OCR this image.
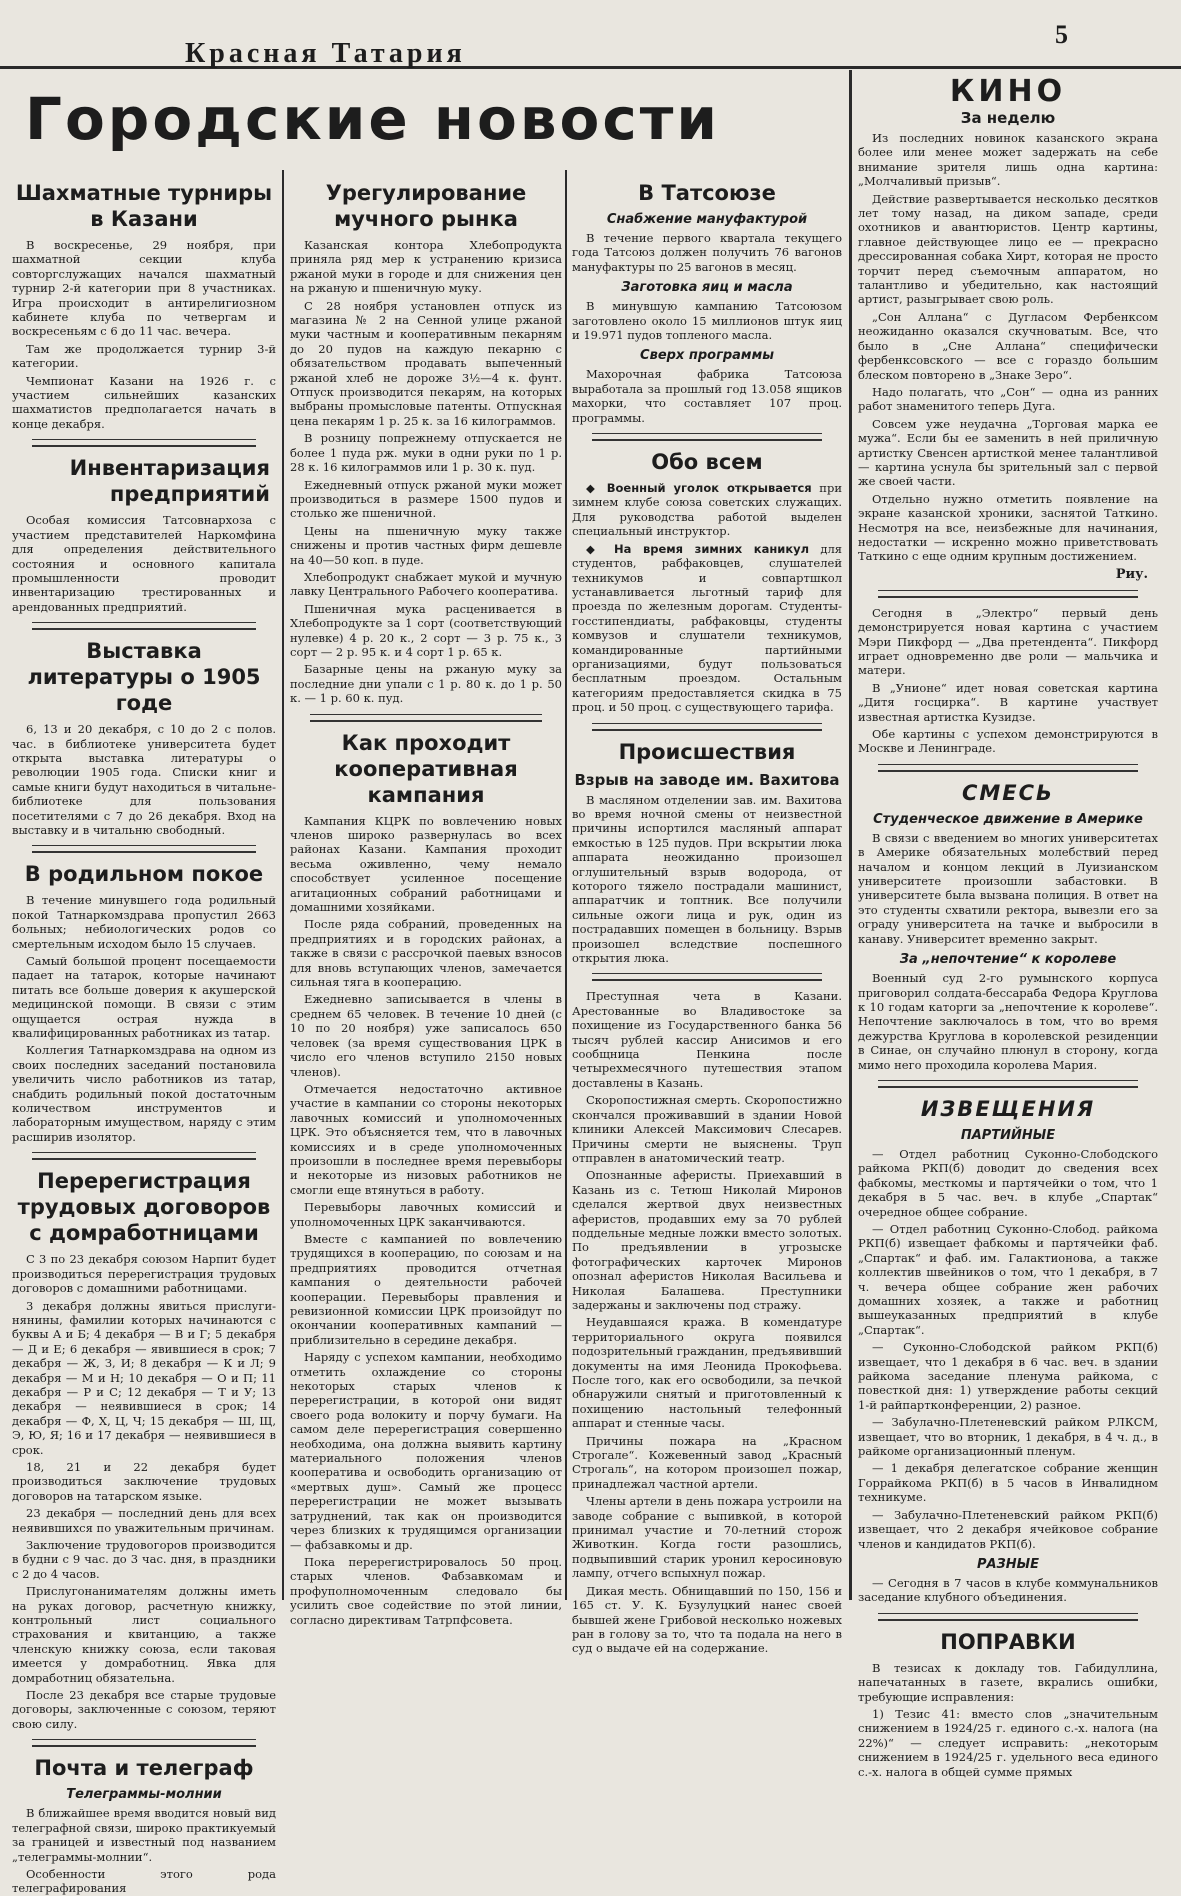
Красная Татария
5
Городские новости
Шахматные турниры в Казани

В воскресенье, 29 ноября, при шахматной секции клуба совторгслужащих начался шахматный турнир 2-й категории при 8 участниках. Игра происходит в антирелигиозном кабинете клуба по четвергам и воскресеньям с 6 до 11 час. вечера.

Там же продолжается турнир 3-й категории.

Чемпионат Казани на 1926 г. с участием сильнейших казанских шахматистов предполагается начать в конце декабря.

Инвентаризация предприятий

Особая комиссия Татсовнархоза с участием представителей Наркомфина для определения действительного состояния и основного капитала промышленности проводит инвентаризацию трестированных и арендованных предприятий.

Выставка литературы о 1905 годе

6, 13 и 20 декабря, с 10 до 2 с полов. час. в библиотеке университета будет открыта выставка литературы о революции 1905 года. Списки книг и самые книги будут находиться в читальне-библиотеке для пользования посетителями с 7 до 26 декабря. Вход на выставку и в читальню свободный.

В родильном покое

В течение минувшего года родильный покой Татнаркомздрава пропустил 2663 больных; небиологических родов со смертельным исходом было 15 случаев.

Самый большой процент посещаемости падает на татарок, которые начинают питать все больше доверия к акушерской медицинской помощи. В связи с этим ощущается острая нужда в квалифицированных работниках из татар.

Коллегия Татнаркомздрава на одном из своих последних заседаний постановила увеличить число работников из татар, снабдить родильный покой достаточным количеством инструментов и лабораторным имуществом, наряду с этим расширив изолятор.

Перерегистрация трудовых договоров с домработницами

С 3 по 23 декабря союзом Нарпит будет производиться перерегистрация трудовых договоров с домашними работницами.

3 декабря должны явиться прислуги-нянины, фамилии которых начинаются с буквы А и Б; 4 декабря — В и Г; 5 декабря — Д и Е; 6 декабря — явившиеся в срок; 7 декабря — Ж, З, И; 8 декабря — К и Л; 9 декабря — М и Н; 10 декабря — О и П; 11 декабря — Р и С; 12 декабря — Т и У; 13 декабря — неявившиеся в срок; 14 декабря — Ф, Х, Ц, Ч; 15 декабря — Ш, Щ, Э, Ю, Я; 16 и 17 декабря — неявившиеся в срок.

18, 21 и 22 декабря будет производиться заключение трудовых договоров на татарском языке.

23 декабря — последний день для всех неявившихся по уважительным причинам.

Заключение трудовогоров производится в будни с 9 час. до 3 час. дня, в праздники с 2 до 4 часов.

Прислугонанимателям должны иметь на руках договор, расчетную книжку, контрольный лист социального страхования и квитанцию, а также членскую книжку союза, если таковая имеется у домработниц. Явка для домработниц обязательна.

После 23 декабря все старые трудовые договоры, заключенные с союзом, теряют свою силу.

Почта и телеграф
Телеграммы-молнии

В ближайшее время вводится новый вид телеграфной связи, широко практикуемый за границей и известный под названием „телеграммы-молнии“.

Особенности этого рода телеграфирования

Урегулирование мучного рынка

Казанская контора Хлебопродукта приняла ряд мер к устранению кризиса ржаной муки в городе и для снижения цен на ржаную и пшеничную муку.

С 28 ноября установлен отпуск из магазина № 2 на Сенной улице ржаной муки частным и кооперативным пекарням до 20 пудов на каждую пекарню с обязательством продавать выпеченный ржаной хлеб не дороже 3½—4 к. фунт. Отпуск производится пекарям, на которых выбраны промысловые патенты. Отпускная цена пекарям 1 р. 25 к. за 16 килограммов.

В розницу попрежнему отпускается не более 1 пуда рж. муки в одни руки по 1 р. 28 к. 16 килограммов или 1 р. 30 к. пуд.

Ежедневный отпуск ржаной муки может производиться в размере 1500 пудов и столько же пшеничной.

Цены на пшеничную муку также снижены и против частных фирм дешевле на 40—50 коп. в пуде.

Хлебопродукт снабжает мукой и мучную лавку Центрального Рабочего кооператива.

Пшеничная мука расценивается в Хлебопродукте за 1 сорт (соответствующий нулевке) 4 р. 20 к., 2 сорт — 3 р. 75 к., 3 сорт — 2 р. 95 к. и 4 сорт 1 р. 65 к.

Базарные цены на ржаную муку за последние дни упали с 1 р. 80 к. до 1 р. 50 к. — 1 р. 60 к. пуд.

Как проходит кооперативная кампания

Кампания КЦРК по вовлечению новых членов широко развернулась во всех районах Казани. Кампания проходит весьма оживленно, чему немало способствует усиленное посещение агитационных собраний работницами и домашними хозяйками.

После ряда собраний, проведенных на предприятиях и в городских районах, а также в связи с рассрочкой паевых взносов для вновь вступающих членов, замечается сильная тяга в кооперацию.

Ежедневно записывается в члены в среднем 65 человек. В течение 10 дней (с 10 по 20 ноября) уже записалось 650 человек (за время существования ЦРК в число его членов вступило 2150 новых членов).

Отмечается недостаточно активное участие в кампании со стороны некоторых лавочных комиссий и уполномоченных ЦРК. Это объясняется тем, что в лавочных комиссиях и в среде уполномоченных произошли в последнее время перевыборы и некоторые из низовых работников не смогли еще втянуться в работу.

Перевыборы лавочных комиссий и уполномоченных ЦРК заканчиваются.

Вместе с кампанией по вовлечению трудящихся в кооперацию, по союзам и на предприятиях проводится отчетная кампания о деятельности рабочей кооперации. Перевыборы правления и ревизионной комиссии ЦРК произойдут по окончании кооперативных кампаний — приблизительно в середине декабря.

Наряду с успехом кампании, необходимо отметить охлаждение со стороны некоторых старых членов к перерегистрации, в которой они видят своего рода волокиту и порчу бумаги. На самом деле перерегистрация совершенно необходима, она должна выявить картину материального положения членов кооператива и освободить организацию от «мертвых душ». Самый же процесс перерегистрации не может вызывать затруднений, так как он производится через близких к трудящимся организации — фабзавкомы и др.

Пока перерегистрировалось 50 проц. старых членов. Фабзавкомам и профуполномоченным следовало бы усилить свое содействие по этой линии, согласно директивам Татрпфсовета.

В Татсоюзе
Снабжение мануфактурой

В течение первого квартала текущего года Татсоюз должен получить 76 вагонов мануфактуры по 25 вагонов в месяц.

Заготовка яиц и масла

В минувшую кампанию Татсоюзом заготовлено около 15 миллионов штук яиц и 19.971 пудов топленого масла.

Сверх программы

Махорочная фабрика Татсоюза выработала за прошлый год 13.058 ящиков махорки, что составляет 107 проц. программы.

Обо всем

◆ Военный уголок открывается при зимнем клубе союза советских служащих. Для руководства работой выделен специальный инструктор.

◆ На время зимних каникул для студентов, рабфаковцев, слушателей техникумов и совпартшкол устанавливается льготный тариф для проезда по железным дорогам. Студенты-госстипендиаты, рабфаковцы, студенты комвузов и слушатели техникумов, командированные партийными организациями, будут пользоваться бесплатным проездом. Остальным категориям предоставляется скидка в 75 проц. и 50 проц. с существующего тарифа.

Происшествия
Взрыв на заводе им. Вахитова

В масляном отделении зав. им. Вахитова во время ночной смены от неизвестной причины испортился масляный аппарат емкостью в 125 пудов. При вскрытии люка аппарата неожиданно произошел оглушительный взрыв водорода, от которого тяжело пострадали машинист, аппаратчик и топтник. Все получили сильные ожоги лица и рук, один из пострадавших помещен в больницу. Взрыв произошел вследствие поспешного открытия люка.

Преступная чета в Казани. Арестованные во Владивостоке за похищение из Государственного банка 56 тысяч рублей кассир Анисимов и его сообщница Пенкина после четырехмесячного путешествия этапом доставлены в Казань.

Скоропостижная смерть. Скоропостижно скончался проживавший в здании Новой клиники Алексей Максимович Слесарев. Причины смерти не выяснены. Труп отправлен в анатомический театр.

Опознанные аферисты. Приехавший в Казань из с. Тетюш Николай Миронов сделался жертвой двух неизвестных аферистов, продавших ему за 70 рублей поддельные медные ложки вместо золотых. По предъявлении в угрозыске фотографических карточек Миронов опознал аферистов Николая Васильева и Николая Балашева. Преступники задержаны и заключены под стражу.

Неудавшаяся кража. В комендатуре территориального округа появился подозрительный гражданин, предъявивший документы на имя Леонида Прокофьева. После того, как его освободили, за печкой обнаружили снятый и приготовленный к похищению настольный телефонный аппарат и стенные часы.

Причины пожара на „Красном Строгале“. Кожевенный завод „Красный Строгаль“, на котором произошел пожар, принадлежал частной артели.

Члены артели в день пожара устроили на заводе собрание с выпивкой, в которой принимал участие и 70-летний сторож Животкин. Когда гости разошлись, подвыпивший старик уронил керосиновую лампу, отчего вспыхнул пожар.

Дикая месть. Обнищавший по 150, 156 и 165 ст. У. К. Бузулуцкий нанес своей бывшей жене Грибовой несколько ножевых ран в голову за то, что та подала на него в суд о выдаче ей на содержание.

КИНО
За неделю

Из последних новинок казанского экрана более или менее может задержать на себе внимание зрителя лишь одна картина: „Молчаливый призыв“.

Действие развертывается несколько десятков лет тому назад, на диком западе, среди охотников и авантюристов. Центр картины, главное действующее лицо ее — прекрасно дрессированная собака Хирт, которая не просто торчит перед съемочным аппаратом, но талантливо и убедительно, как настоящий артист, разыгрывает свою роль.

„Сон Аллана“ с Дугласом Фербенксом неожиданно оказался скучноватым. Все, что было в „Сне Аллана“ специфически фербенксовского — все с гораздо большим блеском повторено в „Знаке Зеро“.

Надо полагать, что „Сон“ — одна из ранних работ знаменитого теперь Дуга.

Совсем уже неудачна „Торговая марка ее мужа“. Если бы ее заменить в ней приличную артистку Свенсен артисткой менее талантливой — картина уснула бы зрительный зал с первой же своей части.

Отдельно нужно отметить появление на экране казанской хроники, заснятой Таткино. Несмотря на все, неизбежные для начинания, недостатки — искренно можно приветствовать Таткино с еще одним крупным достижением.

Риу.

Сегодня в „Электро“ первый день демонстрируется новая картина с участием Мэри Пикфорд — „Два претендента“. Пикфорд играет одновременно две роли — мальчика и матери.

В „Унионе“ идет новая советская картина „Дитя госцирка“. В картине участвует известная артистка Кузидзе.

Обе картины с успехом демонстрируются в Москве и Ленинграде.

СМЕСЬ
Студенческое движение в Америке

В связи с введением во многих университетах в Америке обязательных молебствий перед началом и концом лекций в Луизианском университете произошли забастовки. В университете была вызвана полиция. В ответ на это студенты схватили ректора, вывезли его за ограду университета на тачке и выбросили в канаву. Университет временно закрыт.

За „непочтение“ к королеве

Военный суд 2-го румынского корпуса приговорил солдата-бессараба Федора Круглова к 10 годам каторги за „непочтение к королеве“. Непочтение заключалось в том, что во время дежурства Круглова в королевской резиденции в Синае, он случайно плюнул в сторону, когда мимо него проходила королева Мария.

ИЗВЕЩЕНИЯ
ПАРТИЙНЫЕ

— Отдел работниц Суконно-Слободского райкома РКП(б) доводит до сведения всех фабкомы, месткомы и партячейки о том, что 1 декабря в 5 час. веч. в клубе „Спартак“ очередное общее собрание.

— Отдел работниц Суконно-Слобод. райкома РКП(б) извещает фабкомы и партячейки фаб. „Спартак“ и фаб. им. Галактионова, а также коллектив швейников о том, что 1 декабря, в 7 ч. вечера общее собрание жен рабочих домашних хозяек, а также и работниц вышеуказанных предприятий в клубе „Спартак“.

— Суконно-Слободской райком РКП(б) извещает, что 1 декабря в 6 час. веч. в здании райкома заседание пленума райкома, с повесткой дня: 1) утверждение работы секций 1-й райпартконференции, 2) разное.

— Забулачно-Плетеневский райком РЛКСМ, извещает, что во вторник, 1 декабря, в 4 ч. д., в райкоме организационный пленум.

— 1 декабря делегатское собрание женщин Горрайкома РКП(б) в 5 часов в Инвалидном техникуме.

— Забулачно-Плетеневский райком РКП(б) извещает, что 2 декабря ячейковое собрание членов и кандидатов РКП(б).

РАЗНЫЕ

— Сегодня в 7 часов в клубе коммунальников заседание клубного объединения.

ПОПРАВКИ

В тезисах к докладу тов. Габидуллина, напечатанных в газете, вкрались ошибки, требующие исправления:

1) Тезис 41: вместо слов „значительным снижением в 1924/25 г. единого с.-х. налога (на 22%)“ — следует исправить: „некоторым снижением в 1924/25 г. удельного веса единого с.-х. налога в общей сумме прямых
